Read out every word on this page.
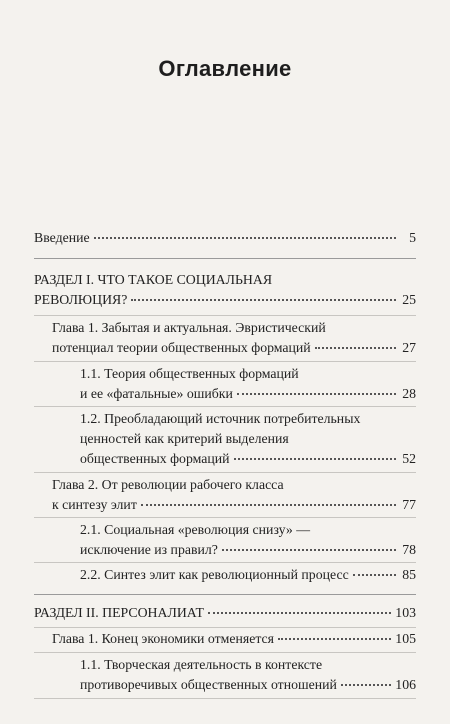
Оглавление
Введение	5
РАЗДЕЛ I. ЧТО ТАКОЕ СОЦИАЛЬНАЯ
РЕВОЛЮЦИЯ?	25
Глава 1. Забытая и актуальная. Эвристический
потенциал теории общественных формаций	27
1.1. Теория общественных формаций
и ее «фатальные» ошибки	28
1.2. Преобладающий источник потребительных
ценностей как критерий выделения
общественных формаций	52
Глава 2. От революции рабочего класса
к синтезу элит	77
2.1. Социальная «революция снизу» —
исключение из правил?	78
2.2. Синтез элит как революционный процесс	85
РАЗДЕЛ II. ПЕРСОНАЛИАТ	103
Глава 1. Конец экономики отменяется	105
1.1. Творческая деятельность в контексте
противоречивых общественных отношений	106
